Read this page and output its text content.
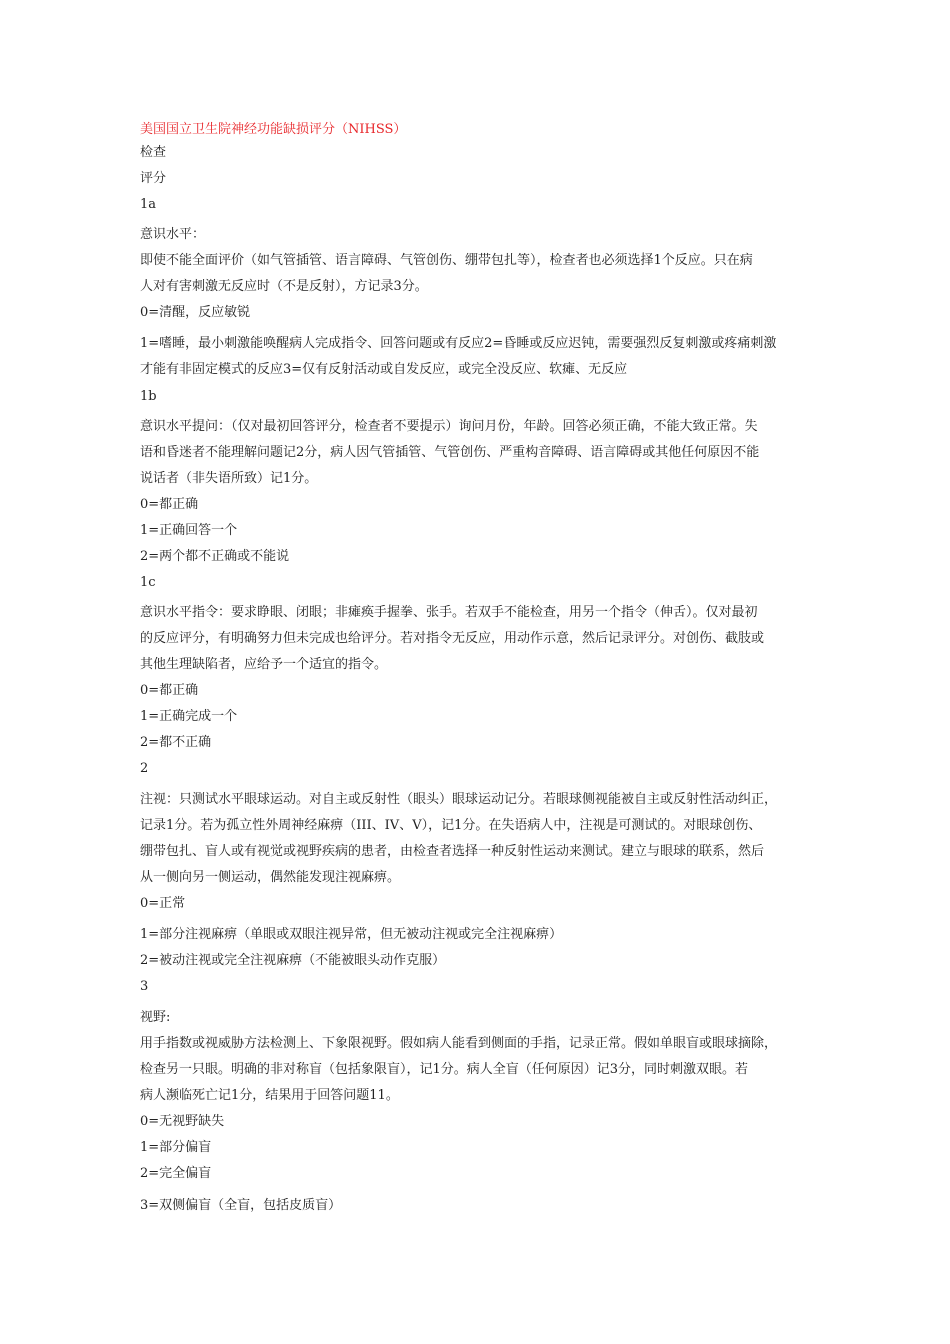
美国国立卫生院神经功能缺损评分（NIHSS）
检查
评分
1a
意识水平：
即使不能全面评价（如气管插管、语言障碍、气管创伤、绷带包扎等），检查者也必须选择1个反应。只在病
人对有害刺激无反应时（不是反射），方记录3分。
0=清醒，反应敏锐
1=嗜睡，最小刺激能唤醒病人完成指令、回答问题或有反应2=昏睡或反应迟钝，需要强烈反复刺激或疼痛刺激
才能有非固定模式的反应3=仅有反射活动或自发反应，或完全没反应、软瘫、无反应
1b
意识水平提问：（仅对最初回答评分，检查者不要提示）询问月份，年龄。回答必须正确，不能大致正常。失
语和昏迷者不能理解问题记2分，病人因气管插管、气管创伤、严重构音障碍、语言障碍或其他任何原因不能
说话者（非失语所致）记1分。
0=都正确
1=正确回答一个
2=两个都不正确或不能说
1c
意识水平指令：要求睁眼、闭眼；非瘫痪手握拳、张手。若双手不能检查，用另一个指令（伸舌）。仅对最初
的反应评分，有明确努力但未完成也给评分。若对指令无反应，用动作示意，然后记录评分。对创伤、截肢或
其他生理缺陷者，应给予一个适宜的指令。
0=都正确
1=正确完成一个
2=都不正确
2
注视：只测试水平眼球运动。对自主或反射性（眼头）眼球运动记分。若眼球侧视能被自主或反射性活动纠正，
记录1分。若为孤立性外周神经麻痹（III、IV、V），记1分。在失语病人中，注视是可测试的。对眼球创伤、
绷带包扎、盲人或有视觉或视野疾病的患者，由检查者选择一种反射性运动来测试。建立与眼球的联系，然后
从一侧向另一侧运动，偶然能发现注视麻痹。
0=正常
1=部分注视麻痹（单眼或双眼注视异常，但无被动注视或完全注视麻痹）
2=被动注视或完全注视麻痹（不能被眼头动作克服）
3
视野:
用手指数或视威胁方法检测上、下象限视野。假如病人能看到侧面的手指，记录正常。假如单眼盲或眼球摘除，
检查另一只眼。明确的非对称盲（包括象限盲），记1分。病人全盲（任何原因）记3分，同时刺激双眼。若
病人濒临死亡记1分，结果用于回答问题11。
0=无视野缺失
1=部分偏盲
2=完全偏盲
3=双侧偏盲（全盲，包括皮质盲）
